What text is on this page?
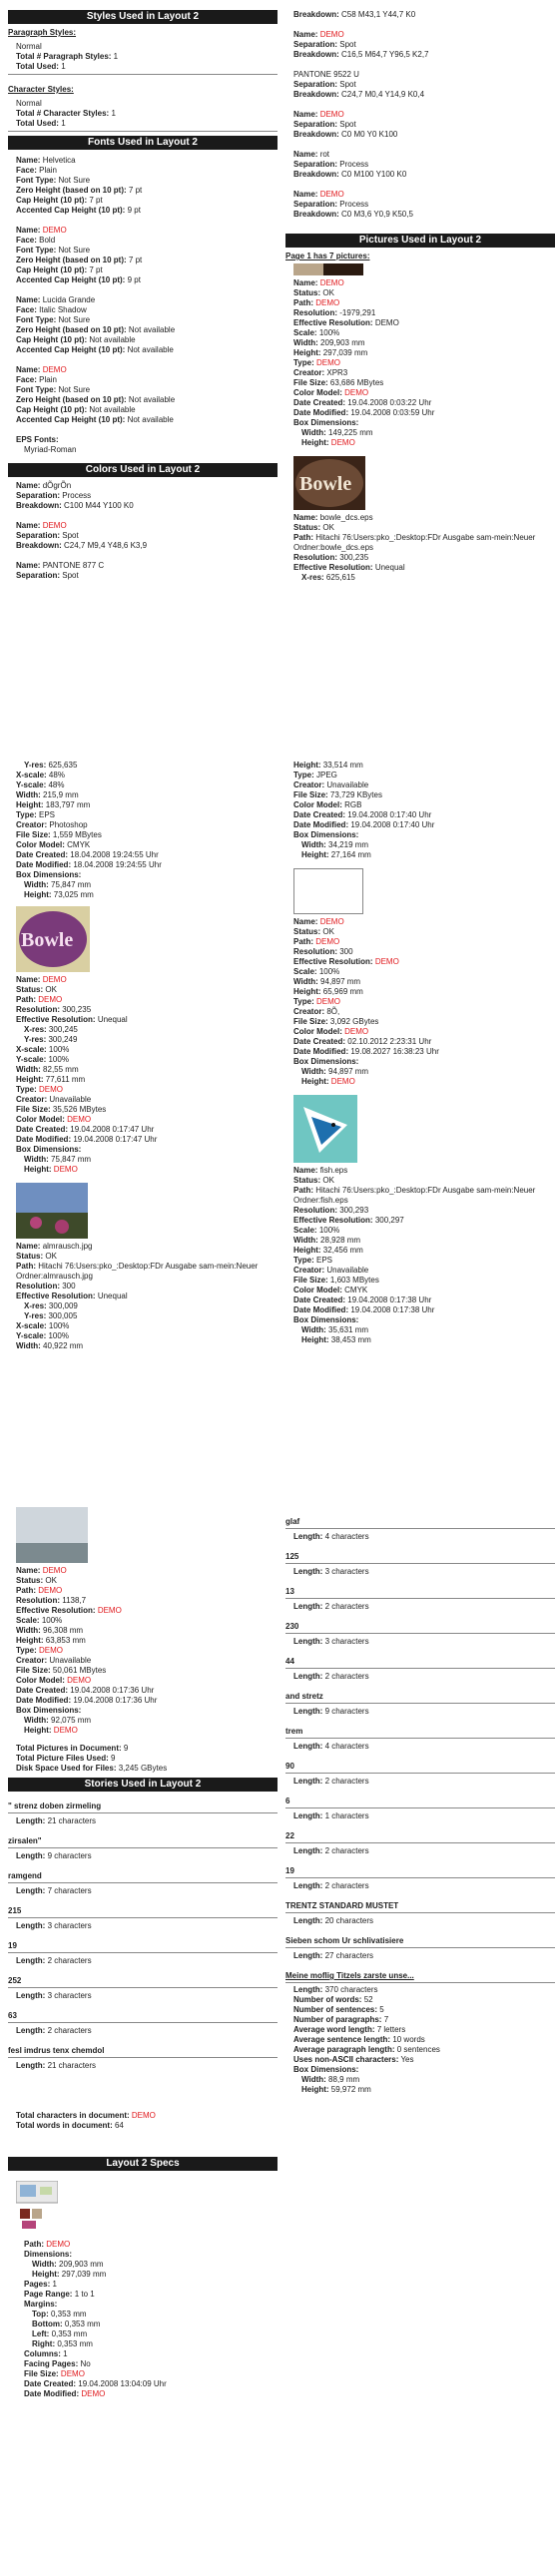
Styles Used in Layout 2
Paragraph Styles:
Normal
Total # Paragraph Styles: 1
Total Used: 1
Character Styles:
Normal
Total # Character Styles: 1
Total Used: 1
Fonts Used in Layout 2
Name: Helvetica
Face: Plain
Font Type: Not Sure
Zero Height (based on 10 pt): 7 pt
Cap Height (10 pt): 7 pt
Accented Cap Height (10 pt): 9 pt
Name: DEMO
Face: Bold
Font Type: Not Sure
Zero Height (based on 10 pt): 7 pt
Cap Height (10 pt): 7 pt
Accented Cap Height (10 pt): 9 pt
Name: Lucida Grande
Face: Italic Shadow
Font Type: Not Sure
Zero Height (based on 10 pt): Not available
Cap Height (10 pt): Not available
Accented Cap Height (10 pt): Not available
Name: DEMO
Face: Plain
Font Type: Not Sure
Zero Height (based on 10 pt): Not available
Cap Height (10 pt): Not available
Accented Cap Height (10 pt): Not available
EPS Fonts:
Myriad-Roman
Colors Used in Layout 2
Name: dÕgrÕn
Separation: Process
Breakdown: C100 M44 Y100 K0
Name: DEMO
Separation: Spot
Breakdown: C24,7 M9,4 Y48,6 K3,9
Name: PANTONE 877 C
Separation: Spot
Breakdown: C58 M43,1 Y44,7 K0
Name: DEMO
Separation: Spot
Breakdown: C16,5 M64,7 Y96,5 K2,7
PANTONE 9522 U
Separation: Spot
Breakdown: C24,7 M0,4 Y14,9 K0,4
Name: DEMO
Separation: Spot
Breakdown: C0 M0 Y0 K100
Name: rot
Separation: Process
Breakdown: C0 M100 Y100 K0
Name: DEMO
Separation: Process
Breakdown: C0 M3,6 Y0,9 K50,5
Pictures Used in Layout 2
Page 1 has 7 pictures:
Name: DEMO
Status: OK
Path: DEMO
Resolution: -1979,291
Effective Resolution: DEMO
Scale: 100%
Width: 209,903 mm
Height: 297,039 mm
Type: DEMO
Creator: XPR3
File Size: 63,686 MBytes
Color Model: DEMO
Date Created: 19.04.2008 0:03:22 Uhr
Date Modified: 19.04.2008 0:03:59 Uhr
Box Dimensions:
Width: 149,225 mm
Height: DEMO
Bowle
Name: bowle_dcs.eps
Status: OK
Path: Hitachi 76:Users:pko_:Desktop:FDr Ausgabe sam-mein:Neuer Ordner:bowle_dcs.eps
Resolution: 300,235
Effective Resolution: Unequal
X-res: 625,615
Y-res: 625,635
X-scale: 48%
Y-scale: 48%
Width: 215,9 mm
Height: 183,797 mm
Type: EPS
Creator: Photoshop
File Size: 1,559 MBytes
Color Model: CMYK
Date Created: 18.04.2008 19:24:55 Uhr
Date Modified: 18.04.2008 19:24:55 Uhr
Box Dimensions:
Width: 75,847 mm
Height: 73,025 mm
Bowle
Name: DEMO
Status: OK
Path: DEMO
Resolution: 300,235
Effective Resolution: Unequal
X-res: 300,245
Y-res: 300,249
X-scale: 100%
Y-scale: 100%
Width: 82,55 mm
Height: 77,611 mm
Type: DEMO
Creator: Unavailable
File Size: 35,526 MBytes
Color Model: DEMO
Date Created: 19.04.2008 0:17:47 Uhr
Date Modified: 19.04.2008 0:17:47 Uhr
Box Dimensions:
Width: 75,847 mm
Height: DEMO
Name: almrausch.jpg
Status: OK
Path: Hitachi 76:Users:pko_:Desktop:FDr Ausgabe sam-mein:Neuer Ordner:almrausch.jpg
Resolution: 300
Effective Resolution: Unequal
X-res: 300,009
Y-res: 300,005
X-scale: 100%
Y-scale: 100%
Width: 40,922 mm
Height: 33,514 mm
Type: JPEG
Creator: Unavailable
File Size: 73,729 KBytes
Color Model: RGB
Date Created: 19.04.2008 0:17:40 Uhr
Date Modified: 19.04.2008 0:17:40 Uhr
Box Dimensions:
Width: 34,219 mm
Height: 27,164 mm
Name: DEMO
Status: OK
Path: DEMO
Resolution: 300
Effective Resolution: DEMO
Scale: 100%
Width: 94,897 mm
Height: 65,969 mm
Type: DEMO
Creator: 8Õ,
File Size: 3,092 GBytes
Color Model: DEMO
Date Created: 02.10.2012 2:23:31 Uhr
Date Modified: 19.08.2027 16:38:23 Uhr
Box Dimensions:
Width: 94,897 mm
Height: DEMO
Name: fish.eps
Status: OK
Path: Hitachi 76:Users:pko_:Desktop:FDr Ausgabe sam-mein:Neuer Ordner:fish.eps
Resolution: 300,293
Effective Resolution: 300,297
Scale: 100%
Width: 28,928 mm
Height: 32,456 mm
Type: EPS
Creator: Unavailable
File Size: 1,603 MBytes
Color Model: CMYK
Date Created: 19.04.2008 0:17:38 Uhr
Date Modified: 19.04.2008 0:17:38 Uhr
Box Dimensions:
Width: 35,631 mm
Height: 38,453 mm
Name: DEMO
Status: OK
Path: DEMO
Resolution: 1138,7
Effective Resolution: DEMO
Scale: 100%
Width: 96,308 mm
Height: 63,853 mm
Type: DEMO
Creator: Unavailable
File Size: 50,061 MBytes
Color Model: DEMO
Date Created: 19.04.2008 0:17:36 Uhr
Date Modified: 19.04.2008 0:17:36 Uhr
Box Dimensions:
Width: 92,075 mm
Height: DEMO
Total Pictures in Document: 9
Total Picture Files Used: 9
Disk Space Used for Files: 3,245 GBytes
Stories Used in Layout 2
" strenz doben zirmeling
Length: 21 characters
zirsalen"
Length: 9 characters
ramgend
Length: 7 characters
215
Length: 3 characters
19
Length: 2 characters
252
Length: 3 characters
63
Length: 2 characters
fesl imdrus tenx chemdol
Length: 21 characters
Total characters in document: DEMO
Total words in document: 64
Layout 2 Specs
Path: DEMO
Dimensions:
Width: 209,903 mm
Height: 297,039 mm
Pages: 1
Page Range: 1 to 1
Margins:
Top: 0,353 mm
Bottom: 0,353 mm
Left: 0,353 mm
Right: 0,353 mm
Columns: 1
Facing Pages: No
File Size: DEMO
Date Created: 19.04.2008 13:04:09 Uhr
Date Modified: DEMO
glaf
Length: 4 characters
125
Length: 3 characters
13
Length: 2 characters
230
Length: 3 characters
44
Length: 2 characters
and stretz
Length: 9 characters
trem
Length: 4 characters
90
Length: 2 characters
6
Length: 1 characters
22
Length: 2 characters
19
Length: 2 characters
TRENTZ STANDARD MUSTET
Length: 20 characters
Sieben schom Ur schlivatisiere
Length: 27 characters
Meine moflig Titzels zarste unse...
Length: 370 characters
Number of words: 52
Number of sentences: 5
Number of paragraphs: 7
Average word length: 7 letters
Average sentence length: 10 words
Average paragraph length: 0 sentences
Uses non-ASCII characters: Yes
Box Dimensions:
Width: 88,9 mm
Height: 59,972 mm
